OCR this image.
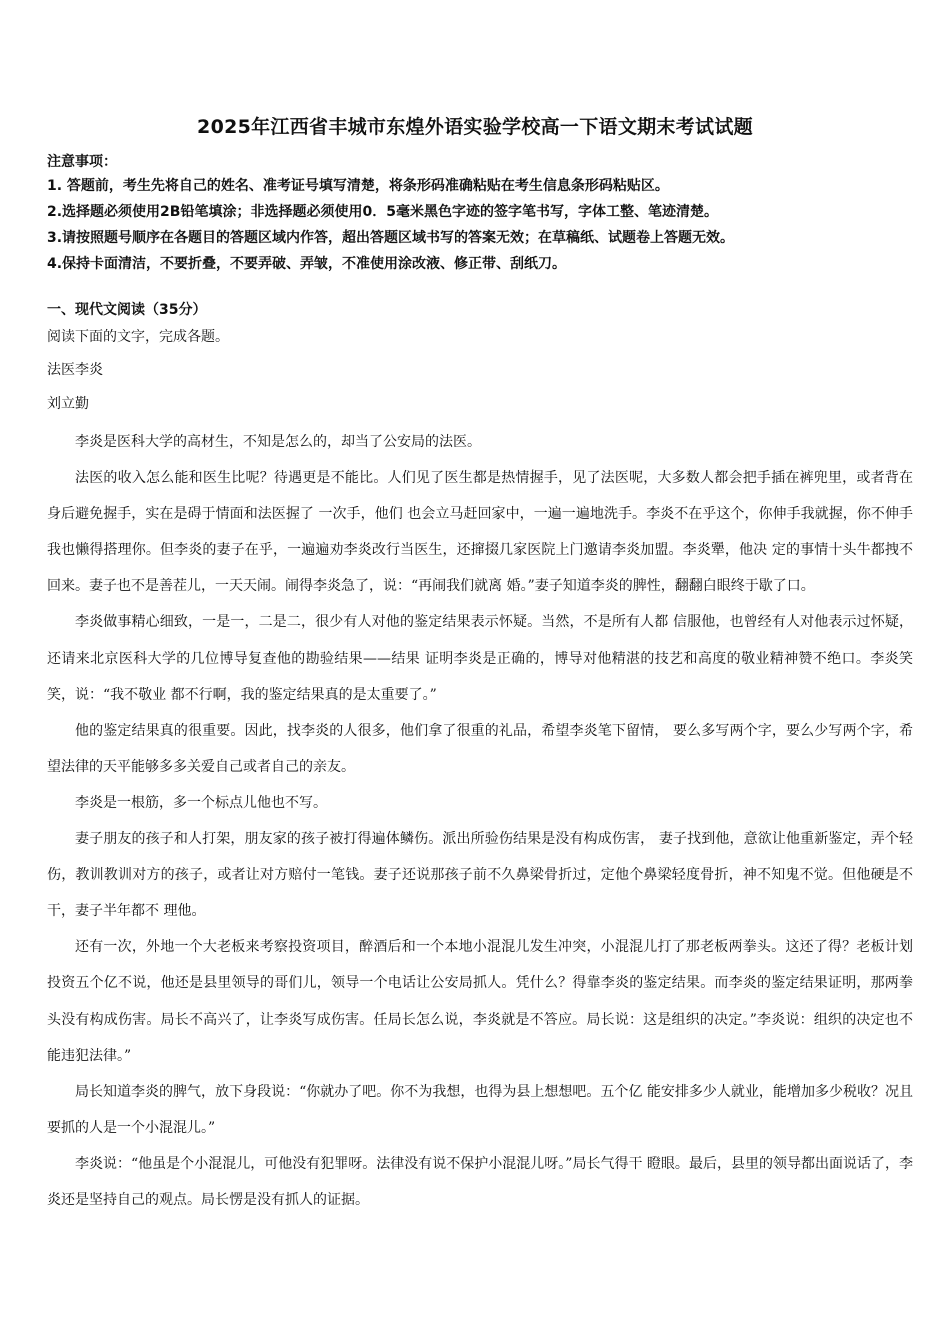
2025年江西省丰城市东煌外语实验学校高一下语文期末考试试题
注意事项：
1. 答题前，考生先将自己的姓名、准考证号填写清楚，将条形码准确粘贴在考生信息条形码粘贴区。
2.选择题必须使用2B铅笔填涂；非选择题必须使用0．5毫米黑色字迹的签字笔书写，字体工整、笔迹清楚。
3.请按照题号顺序在各题目的答题区域内作答，超出答题区域书写的答案无效；在草稿纸、试题卷上答题无效。
4.保持卡面清洁，不要折叠，不要弄破、弄皱，不准使用涂改液、修正带、刮纸刀。
一、现代文阅读（35分）
阅读下面的文字，完成各题。
法医李炎
刘立勤

李炎是医科大学的高材生，不知是怎么的，却当了公安局的法医。

法医的收入怎么能和医生比呢？待遇更是不能比。人们见了医生都是热情握手，见了法医呢，大多数人都会把手插在裤兜里，或者背在身后避免握手，实在是碍于情面和法医握了 一次手，他们 也会立马赶回家中，一遍一遍地洗手。李炎不在乎这个，你伸手我就握，你不伸手我也懒得搭理你。但李炎的妻子在乎，一遍遍劝李炎改行当医生，还撺掇几家医院上门邀请李炎加盟。李炎犟，他决 定的事情十头牛都拽不回来。妻子也不是善茬儿，一天天闹。闹得李炎急了，说：“再闹我们就离 婚。”妻子知道李炎的脾性，翻翻白眼终于歇了口。

李炎做事精心细致，一是一，二是二，很少有人对他的鉴定结果表示怀疑。当然，不是所有人都 信服他，也曾经有人对他表示过怀疑，还请来北京医科大学的几位博导复查他的勘验结果——结果 证明李炎是正确的，博导对他精湛的技艺和高度的敬业精神赞不绝口。李炎笑笑，说：“我不敬业 都不行啊，我的鉴定结果真的是太重要了。”

他的鉴定结果真的很重要。因此，找李炎的人很多，他们拿了很重的礼品，希望李炎笔下留情， 要么多写两个字，要么少写两个字，希望法律的天平能够多多关爱自己或者自己的亲友。

李炎是一根筋，多一个标点儿他也不写。

妻子朋友的孩子和人打架，朋友家的孩子被打得遍体鳞伤。派出所验伤结果是没有构成伤害， 妻子找到他，意欲让他重新鉴定，弄个轻伤，教训教训对方的孩子，或者让对方赔付一笔钱。妻子还说那孩子前不久鼻梁骨折过，定他个鼻梁轻度骨折，神不知鬼不觉。但他硬是不干，妻子半年都不 理他。

还有一次，外地一个大老板来考察投资项目，醉酒后和一个本地小混混儿发生冲突，小混混儿打了那老板两拳头。这还了得？老板计划投资五个亿不说，他还是县里领导的哥们儿，领导一个电话让公安局抓人。凭什么？得靠李炎的鉴定结果。而李炎的鉴定结果证明，那两拳头没有构成伤害。局长不高兴了，让李炎写成伤害。任局长怎么说，李炎就是不答应。局长说：这是组织的决定。”李炎说：组织的决定也不能违犯法律。”

局长知道李炎的脾气，放下身段说：“你就办了吧。你不为我想，也得为县上想想吧。五个亿 能安排多少人就业，能增加多少税收？况且要抓的人是一个小混混儿。”

李炎说：“他虽是个小混混儿，可他没有犯罪呀。法律没有说不保护小混混儿呀。”局长气得干 瞪眼。最后，县里的领导都出面说话了，李炎还是坚持自己的观点。局长愣是没有抓人的证据。
